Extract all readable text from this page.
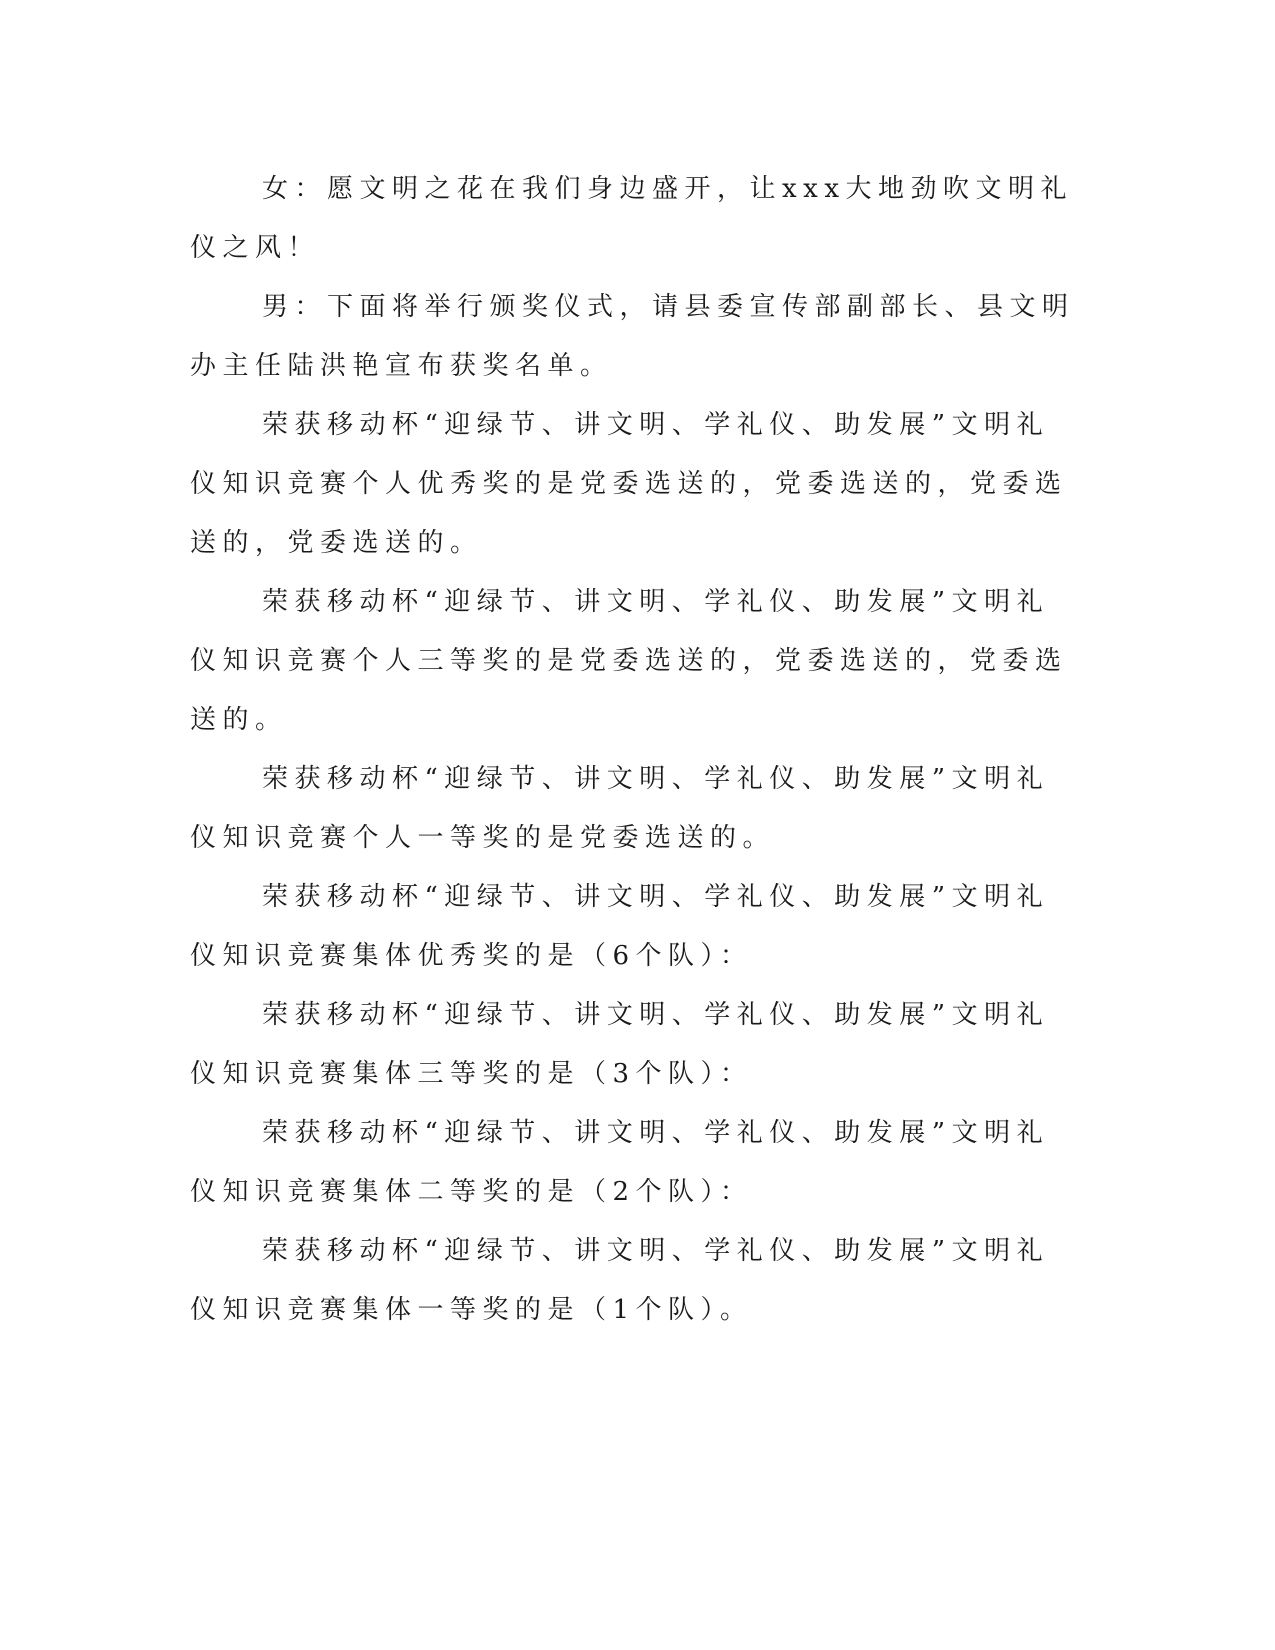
女：愿文明之花在我们身边盛开，让xxx大地劲吹文明礼仪之风！

男：下面将举行颁奖仪式，请县委宣传部副部长、县文明办主任陆洪艳宣布获奖名单。

荣获移动杯“迎绿节、讲文明、学礼仪、助发展”文明礼仪知识竞赛个人优秀奖的是党委选送的，党委选送的，党委选送的，党委选送的。

荣获移动杯“迎绿节、讲文明、学礼仪、助发展”文明礼仪知识竞赛个人三等奖的是党委选送的，党委选送的，党委选送的。

荣获移动杯“迎绿节、讲文明、学礼仪、助发展”文明礼仪知识竞赛个人一等奖的是党委选送的。

荣获移动杯“迎绿节、讲文明、学礼仪、助发展”文明礼仪知识竞赛集体优秀奖的是（6个队）：

荣获移动杯“迎绿节、讲文明、学礼仪、助发展”文明礼仪知识竞赛集体三等奖的是（3个队）：

荣获移动杯“迎绿节、讲文明、学礼仪、助发展”文明礼仪知识竞赛集体二等奖的是（2个队）：

荣获移动杯“迎绿节、讲文明、学礼仪、助发展”文明礼仪知识竞赛集体一等奖的是（1个队）。
